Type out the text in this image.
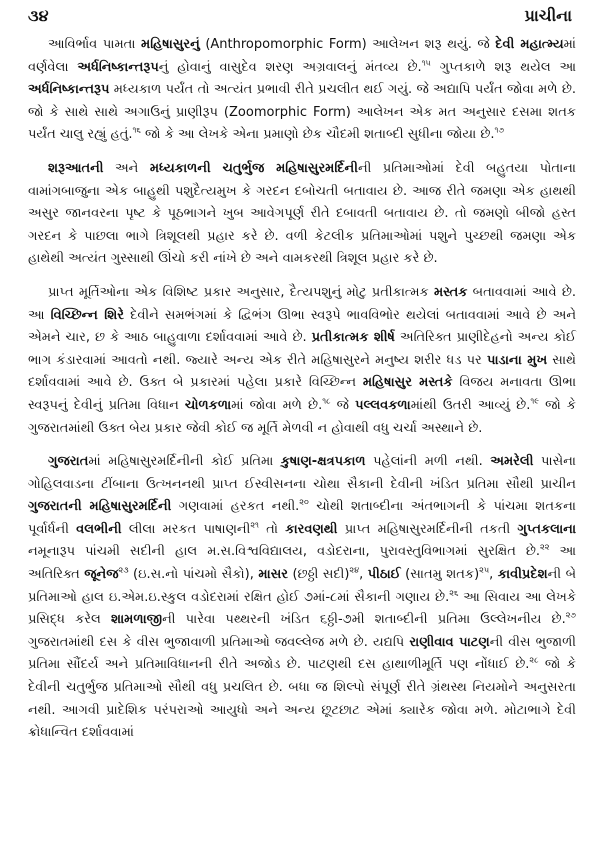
૩૪	પ્રાચીના

આવિર્ભાવ પામતા મહિષાસુરનું (Anthropomorphic Form) આલેખન શરૂ થયું. જે દેવી મહાત્મ્યમાં વર્ણવેલા અર્ધનિષ્કાન્તરૂપનું હોવાનું વાસુદેવ શરણ અગ્રવાલનું મંતવ્ય છે.$^{૧૫}$ ગુપ્તકાળે શરૂ થયેલ આ અર્ધનિષ્કાન્તરૂપ મધ્યકાળ પર્યંત તો અત્યંત પ્રભાવી રીતે પ્રચલીત થઈ ગયું. જે અદ્યાપિ પર્યંત જોવા મળે છે. જો કે સાથે સાથે અગાઉનું પ્રાણીરૂપ (Zoomorphic Form) આલેખન એક મત અનુસાર દસમા શતક પર્યંત ચાલુ રહ્યું હતું.$^{૧૬}$ જો કે આ લેખકે એના પ્રમાણો છેક ચૌદમી શતાબ્દી સુધીના જોયા છે.$^{૧૭}$

શરૂઆતની અને મધ્યકાળની ચતુર્ભુજ મહિષાસુરમર્દિનીની પ્રતિમાઓમાં દેવી બહુતયા પોતાના વામાંગબાજુના એક બાહુથી પશુદૈત્યમુખ કે ગરદન દબોચતી બતાવાય છે. આજ રીતે જમણા એક હાથથી અસુર જાનવરના પૃષ્ટ કે પૂઠભાગને ખુબ આવેગપૂર્ણ રીતે દબાવતી બતાવાય છે. તો જમણો બીજો હસ્ત ગરદન કે પાછલા ભાગે ત્રિશૂલથી પ્રહાર કરે છે. વળી કેટલીક પ્રતિમાઓમાં પશુને પુચ્છથી જમણા એક હાથેથી અત્યંત ગુસ્સાથી ઊંચો કરી નાંખે છે અને વામકરથી ત્રિશૂલ પ્રહાર કરે છે.

પ્રાપ્ત મૂર્તિઓના એક વિશિષ્ટ પ્રકાર અનુસાર, દૈત્યપશુનું મોટુ પ્રતીકાત્મક મસ્તક બતાવવામાં આવે છે. આ વિચ્છિન્ન શિરે દેવીને સમભંગમાં કે દ્વિભંગ ઊભા સ્વરૂપે ભાવવિભોર થયેલાં બતાવવામાં આવે છે અને એમને ચાર, છ કે આઠ બાહુવાળા દર્શાવવામાં આવે છે. પ્રતીકાત્મક શીર્ષ અતિરિક્ત પ્રાણીદેહનો અન્ય કોઈ ભાગ કંડારવામાં આવતો નથી. જ્યારે અન્ય એક રીતે મહિષાસુરને મનુષ્ય શરીર ધડ પર પાડાના મુખ સાથે દર્શાવવામાં આવે છે. ઉક્ત બે પ્રકારમાં પહેલા પ્રકારે વિચ્છિન્ન મહિષાસુર મસ્તકે વિજય મનાવતા ઊભા સ્વરૂપનું દેવીનું પ્રતિમા વિધાન ચોળકળામાં જોવા મળે છે.$^{૧૮}$ જે પલ્લવકળામાંથી ઉતરી આવ્યું છે.$^{૧૯}$ જો કે ગુજરાતમાંથી ઉક્ત બેય પ્રકાર જેવી કોઈ જ મૂર્તિ મેળવી ન હોવાથી વધુ ચર્ચા અસ્થાને છે.

ગુજરાતમાં મહિષાસુરમર્દિનીની કોઈ પ્રતિમા કુષાણ-ક્ષત્રપકાળ પહેલાંની મળી નથી. અમરેલી પાસેના ગોહિલવાડના ટીંબાના ઉત્ખનનથી પ્રાપ્ત ઈસ્વીસનના ચોથા સૈકાની દેવીની ખંડિત પ્રતિમા સૌથી પ્રાચીન ગુજરાતની મહિષાસુરમર્દિની ગણવામાં હરકત નથી.$^{૨૦}$ ચોથી શતાબ્દીના અંતભાગની કે પાંચમા શતકના પૂર્વાર્ધની વલભીની લીલા મરકત પાષાણની$^{૨૧}$ તો કારવણથી પ્રાપ્ત મહિષાસુરમર્દિનીની તકતી ગુપ્તકલાના નમૂનારૂપ પાંચમી સદીની હાલ મ.સ.વિશ્વવિદ્યાલય, વડોદરાના, પુરાવસ્તુવિભાગમાં સુરક્ષિત છે.$^{૨૨}$ આ અતિરિક્ત જૂનેજ$^{૨૩}$ (ઇ.સ.નો પાંચમો સૈકો), માસર (છઠ્ઠી સદી)$^{૨૪}$, પીઠાઈ (સાતમુ શતક)$^{૨૫}$, કાવીપ્રદેશની બે પ્રતિમાઓ હાલ ઇ.એમ.ઇ.સ્કુલ વડોદરામાં રક્ષિત હોઈ ૭માં-૮માં સૈકાની ગણાય છે.$^{૨૬}$ આ સિવાય આ લેખકે પ્રસિદ્ધ કરેલ શામળાજીની પારેવા પથ્થરની ખંડિત ૬ઠ્ઠી-૭મી શતાબ્દીની પ્રતિમા ઉલ્લેખનીય છે.$^{૨૭}$ ગુજરાતમાંથી દસ કે વીસ ભુજાવાળી પ્રતિમાઓ જવલ્લેજ મળે છે. યદ્યપિ રાણીવાવ પાટણની વીસ ભુજાળી પ્રતિમા સૌંદર્ય અને પ્રતિમાવિધાનની રીતે અજોડ છે. પાટણથી દસ હાથાળીમૂર્તિ પણ નોંધાઈ છે.$^{૨૮}$ જો કે દેવીની ચતુર્ભુજ પ્રતિમાઓ સૌથી વધુ પ્રચલિત છે. બધા જ શિલ્પો સંપૂર્ણ રીતે ગ્રંથસ્થ નિયમોને અનુસરતા નથી. આગવી પ્રાદેશિક પરંપરાઓ આયુધો અને અન્ય છૂટછાટ એમાં ક્યારેક જોવા મળે. મોટાભાગે દેવી ક્રોધાન્વિત દર્શાવવામાં
